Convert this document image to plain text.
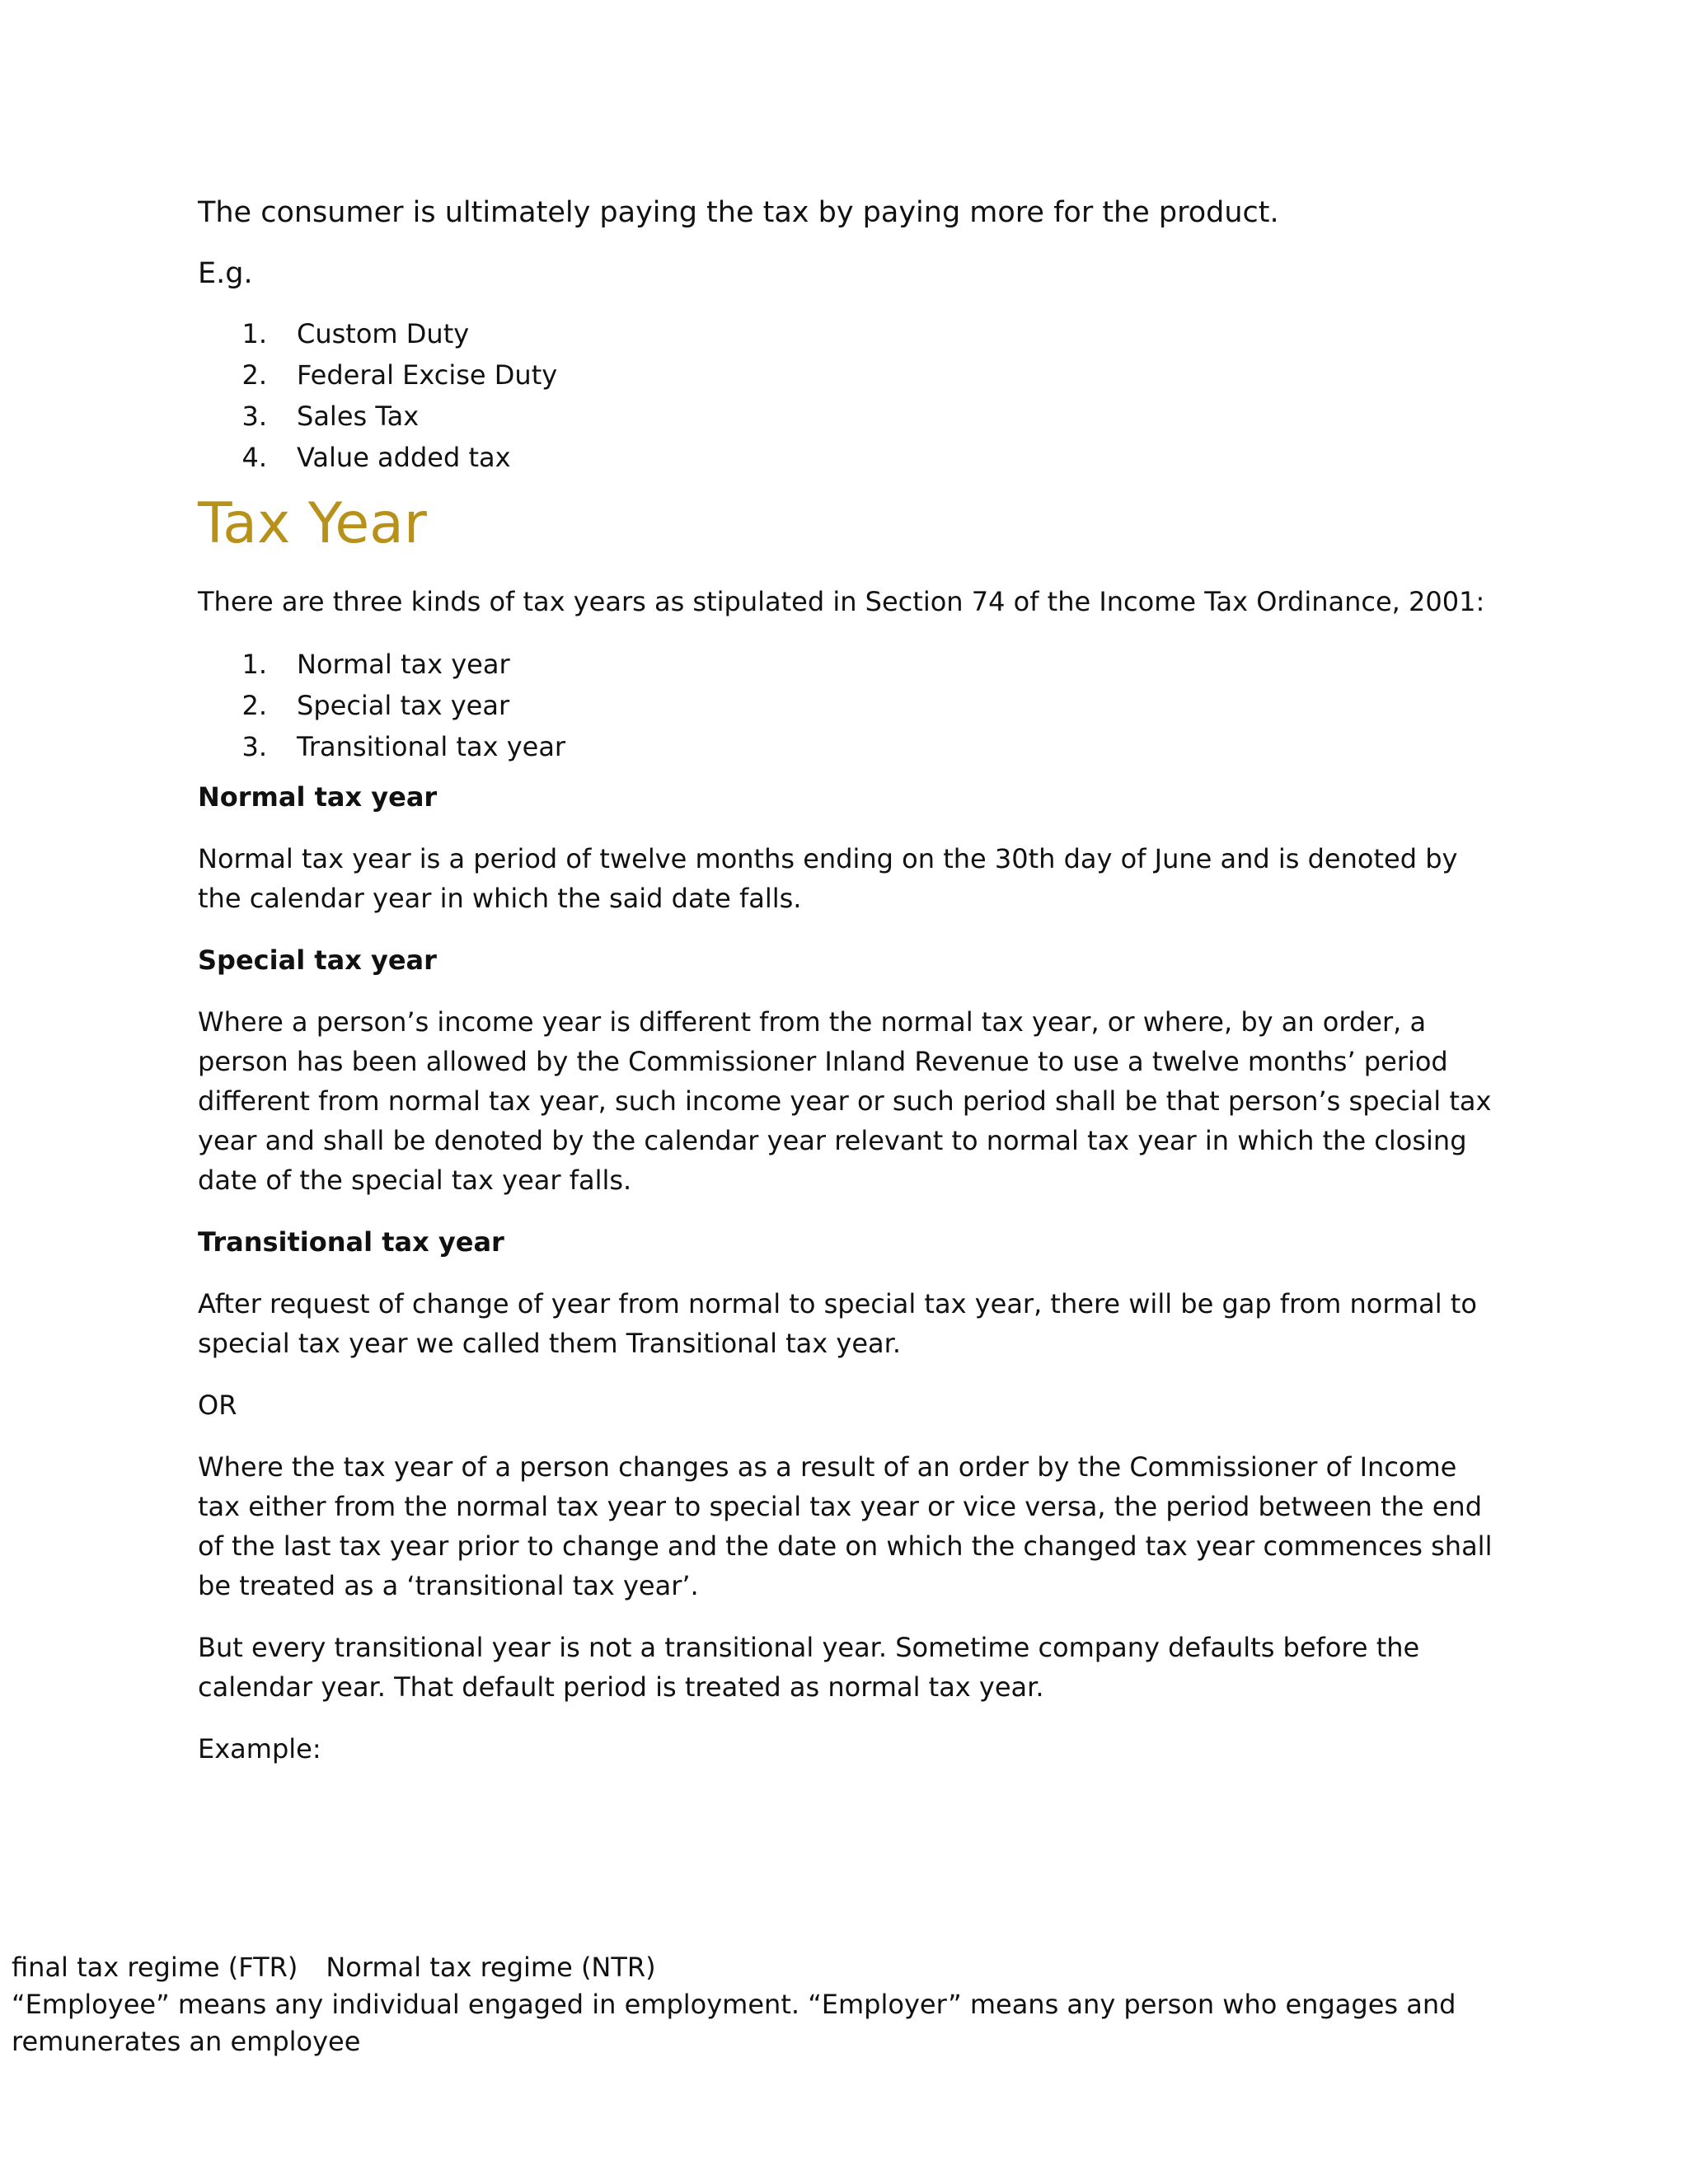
The consumer is ultimately paying the tax by paying more for the product.

E.g.

1.	Custom Duty
2.	Federal Excise Duty
3.	Sales Tax
4.	Value added tax
Tax Year

There are three kinds of tax years as stipulated in Section 74 of the Income Tax Ordinance, 2001:

1.	Normal tax year
2.	Special tax year
3.	Transitional tax year

Normal tax year

Normal tax year is a period of twelve months ending on the 30th day of June and is denoted by the calendar year in which the said date falls.

Special tax year

Where a person’s income year is different from the normal tax year, or where, by an order, a person has been allowed by the Commissioner Inland Revenue to use a twelve months’ period different from normal tax year, such income year or such period shall be that person’s special tax year and shall be denoted by the calendar year relevant to normal tax year in which the closing date of the special tax year falls.

Transitional tax year

After request of change of year from normal to special tax year, there will be gap from normal to special tax year we called them Transitional tax year.

OR

Where the tax year of a person changes as a result of an order by the Commissioner of Income tax either from the normal tax year to special tax year or vice versa, the period between the end of the last tax year prior to change and the date on which the changed tax year commences shall be treated as a ‘transitional tax year’.

But every transitional year is not a transitional year. Sometime company defaults before the calendar year. That default period is treated as normal tax year.

Example:

final tax regime (FTR) Normal tax regime (NTR)

“Employee” means any individual engaged in employment. “Employer” means any person who engages and remunerates an employee
